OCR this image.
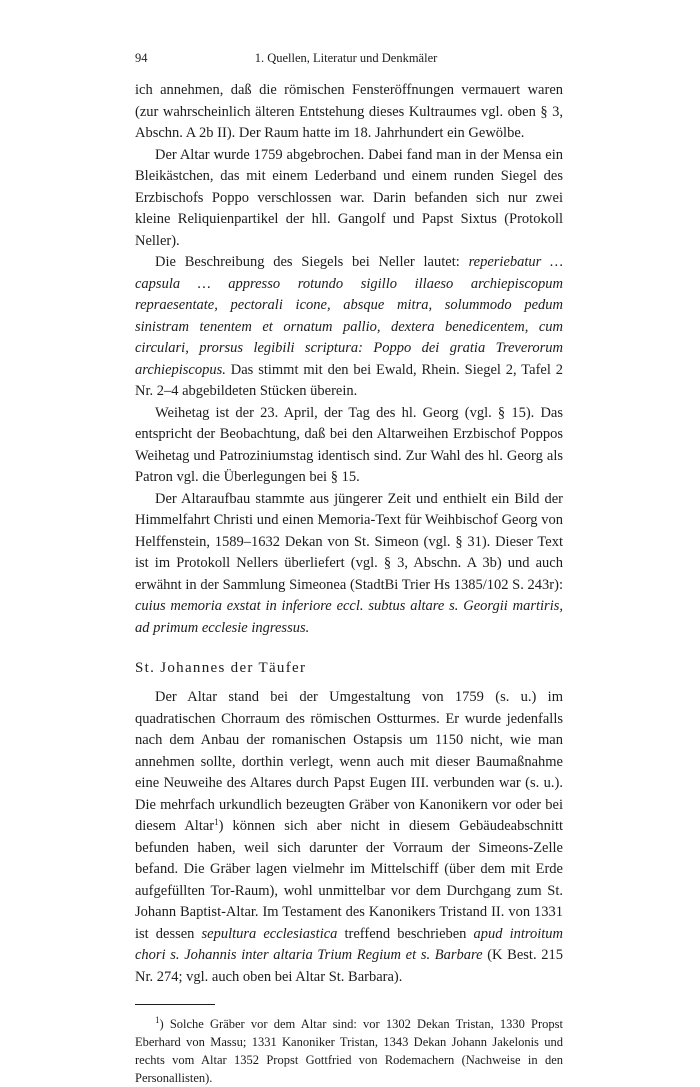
94	1. Quellen, Literatur und Denkmäler

ich annehmen, daß die römischen Fensteröffnungen vermauert waren (zur wahrscheinlich älteren Entstehung dieses Kultraumes vgl. oben § 3, Abschn. A 2b II). Der Raum hatte im 18. Jahrhundert ein Gewölbe.

Der Altar wurde 1759 abgebrochen. Dabei fand man in der Mensa ein Bleikästchen, das mit einem Lederband und einem runden Siegel des Erzbischofs Poppo verschlossen war. Darin befanden sich nur zwei kleine Reliquienpartikel der hll. Gangolf und Papst Sixtus (Protokoll Neller).

Die Beschreibung des Siegels bei Neller lautet: reperiebatur … capsula … appresso rotundo sigillo illaeso archiepiscopum repraesentate, pectorali icone, absque mitra, solummodo pedum sinistram tenentem et ornatum pallio, dextera benedicentem, cum circulari, prorsus legibili scriptura: Poppo dei gratia Treverorum archiepiscopus. Das stimmt mit den bei Ewald, Rhein. Siegel 2, Tafel 2 Nr. 2–4 abgebildeten Stücken überein.

Weihetag ist der 23. April, der Tag des hl. Georg (vgl. § 15). Das entspricht der Beobachtung, daß bei den Altarweihen Erzbischof Poppos Weihetag und Patroziniumstag identisch sind. Zur Wahl des hl. Georg als Patron vgl. die Überlegungen bei § 15.

Der Altaraufbau stammte aus jüngerer Zeit und enthielt ein Bild der Himmelfahrt Christi und einen Memoria-Text für Weihbischof Georg von Helffenstein, 1589–1632 Dekan von St. Simeon (vgl. § 31). Dieser Text ist im Protokoll Nellers überliefert (vgl. § 3, Abschn. A 3b) und auch erwähnt in der Sammlung Simeonea (StadtBi Trier Hs 1385/102 S. 243r): cuius memoria exstat in inferiore eccl. subtus altare s. Georgii martiris, ad primum ecclesie ingressus.

St. Johannes der Täufer

Der Altar stand bei der Umgestaltung von 1759 (s. u.) im quadratischen Chorraum des römischen Ostturmes. Er wurde jedenfalls nach dem Anbau der romanischen Ostapsis um 1150 nicht, wie man annehmen sollte, dorthin verlegt, wenn auch mit dieser Baumaßnahme eine Neuweihe des Altares durch Papst Eugen III. verbunden war (s. u.). Die mehrfach urkundlich bezeugten Gräber von Kanonikern vor oder bei diesem Altar$^1$) können sich aber nicht in diesem Gebäudeabschnitt befunden haben, weil sich darunter der Vorraum der Simeons-Zelle befand. Die Gräber lagen vielmehr im Mittelschiff (über dem mit Erde aufgefüllten Tor-Raum), wohl unmittelbar vor dem Durchgang zum St. Johann Baptist-Altar. Im Testament des Kanonikers Tristand II. von 1331 ist dessen sepultura ecclesiastica treffend beschrieben apud introitum chori s. Johannis inter altaria Trium Regium et s. Barbare (K Best. 215 Nr. 274; vgl. auch oben bei Altar St. Barbara).

$^1$) Solche Gräber vor dem Altar sind: vor 1302 Dekan Tristan, 1330 Propst Eberhard von Massu; 1331 Kanoniker Tristan, 1343 Dekan Johann Jakelonis und rechts vom Altar 1352 Propst Gottfried von Rodemachern (Nachweise in den Personallisten).
